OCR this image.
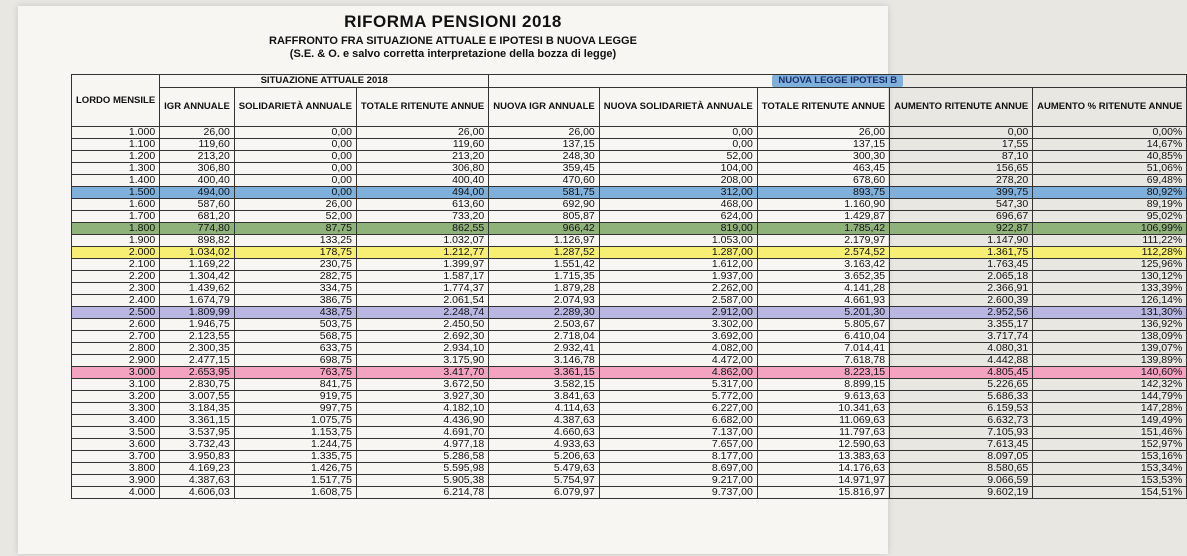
RIFORMA PENSIONI 2018
RAFFRONTO FRA SITUAZIONE ATTUALE E IPOTESI B NUOVA LEGGE
(S.E. & O. e salvo corretta interpretazione della bozza di legge)
LORDO MENSILE	SITUAZIONE ATTUALE 2018			NUOVA LEGGE IPOTESI B				
	IGR ANNUALE	SOLIDARIETÀ ANNUALE	TOTALE RITENUTE ANNUE	NUOVA IGR ANNUALE	NUOVA SOLIDARIETÀ ANNUALE	TOTALE RITENUTE ANNUE	AUMENTO RITENUTE ANNUE	AUMENTO % RITENUTE ANNUE
1.000	26,00	0,00	26,00	26,00	0,00	26,00	0,00	0,00%
1.100	119,60	0,00	119,60	137,15	0,00	137,15	17,55	14,67%
1.200	213,20	0,00	213,20	248,30	52,00	300,30	87,10	40,85%
1.300	306,80	0,00	306,80	359,45	104,00	463,45	156,65	51,06%
1.400	400,40	0,00	400,40	470,60	208,00	678,60	278,20	69,48%
1.500	494,00	0,00	494,00	581,75	312,00	893,75	399,75	80,92%
1.600	587,60	26,00	613,60	692,90	468,00	1.160,90	547,30	89,19%
1.700	681,20	52,00	733,20	805,87	624,00	1.429,87	696,67	95,02%
1.800	774,80	87,75	862,55	966,42	819,00	1.785,42	922,87	106,99%
1.900	898,82	133,25	1.032,07	1.126,97	1.053,00	2.179,97	1.147,90	111,22%
2.000	1.034,02	178,75	1.212,77	1.287,52	1.287,00	2.574,52	1.361,75	112,28%
2.100	1.169,22	230,75	1.399,97	1.551,42	1.612,00	3.163,42	1.763,45	125,96%
2.200	1.304,42	282,75	1.587,17	1.715,35	1.937,00	3.652,35	2.065,18	130,12%
2.300	1.439,62	334,75	1.774,37	1.879,28	2.262,00	4.141,28	2.366,91	133,39%
2.400	1.674,79	386,75	2.061,54	2.074,93	2.587,00	4.661,93	2.600,39	126,14%
2.500	1.809,99	438,75	2.248,74	2.289,30	2.912,00	5.201,30	2.952,56	131,30%
2.600	1.946,75	503,75	2.450,50	2.503,67	3.302,00	5.805,67	3.355,17	136,92%
2.700	2.123,55	568,75	2.692,30	2.718,04	3.692,00	6.410,04	3.717,74	138,09%
2.800	2.300,35	633,75	2.934,10	2.932,41	4.082,00	7.014,41	4.080,31	139,07%
2.900	2.477,15	698,75	3.175,90	3.146,78	4.472,00	7.618,78	4.442,88	139,89%
3.000	2.653,95	763,75	3.417,70	3.361,15	4.862,00	8.223,15	4.805,45	140,60%
3.100	2.830,75	841,75	3.672,50	3.582,15	5.317,00	8.899,15	5.226,65	142,32%
3.200	3.007,55	919,75	3.927,30	3.841,63	5.772,00	9.613,63	5.686,33	144,79%
3.300	3.184,35	997,75	4.182,10	4.114,63	6.227,00	10.341,63	6.159,53	147,28%
3.400	3.361,15	1.075,75	4.436,90	4.387,63	6.682,00	11.069,63	6.632,73	149,49%
3.500	3.537,95	1.153,75	4.691,70	4.660,63	7.137,00	11.797,63	7.105,93	151,46%
3.600	3.732,43	1.244,75	4.977,18	4.933,63	7.657,00	12.590,63	7.613,45	152,97%
3.700	3.950,83	1.335,75	5.286,58	5.206,63	8.177,00	13.383,63	8.097,05	153,16%
3.800	4.169,23	1.426,75	5.595,98	5.479,63	8.697,00	14.176,63	8.580,65	153,34%
3.900	4.387,63	1.517,75	5.905,38	5.754,97	9.217,00	14.971,97	9.066,59	153,53%
4.000	4.606,03	1.608,75	6.214,78	6.079,97	9.737,00	15.816,97	9.602,19	154,51%
